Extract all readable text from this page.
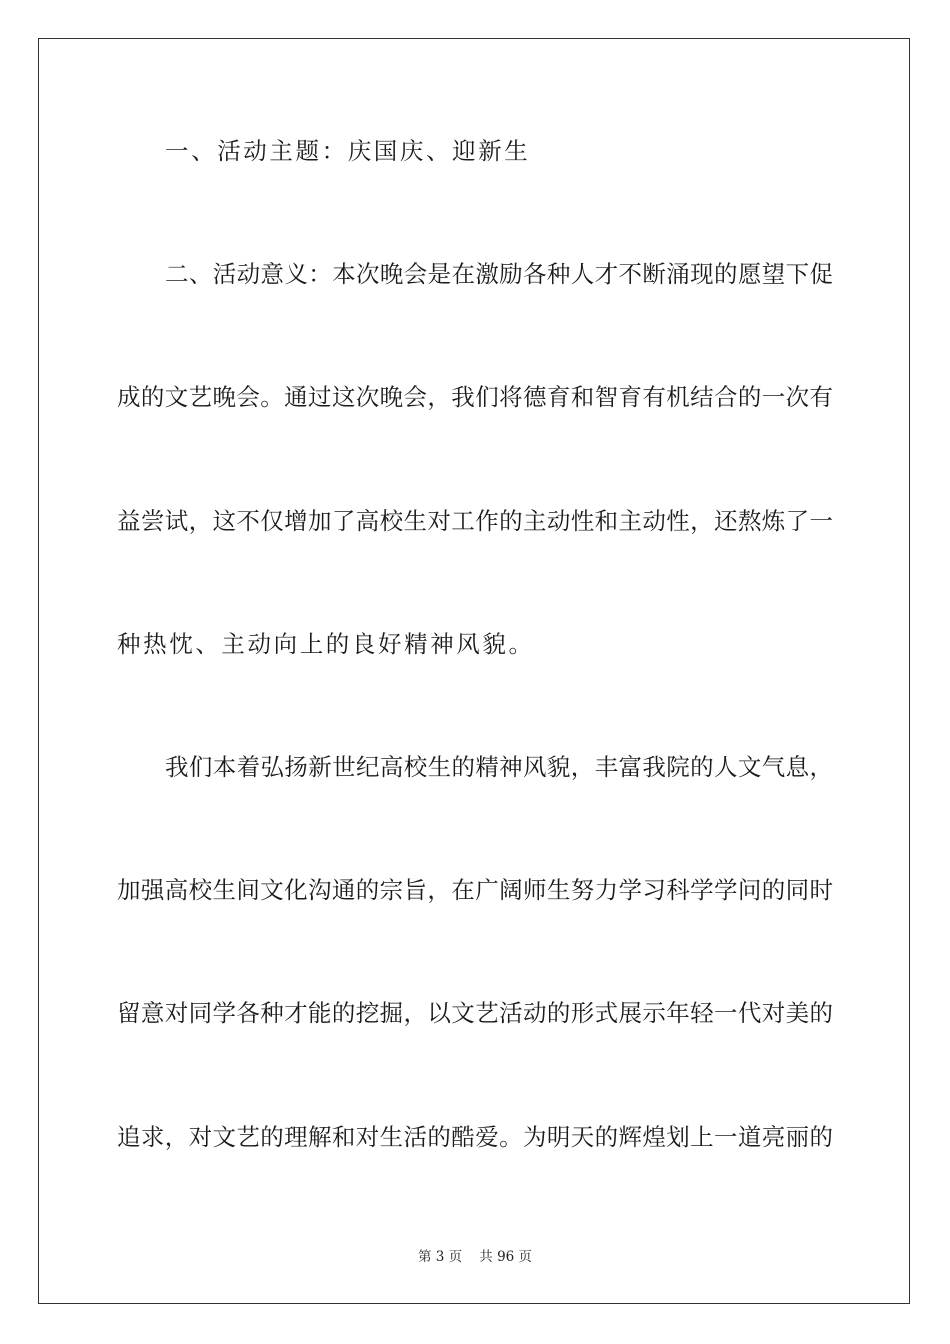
一、活动主题：庆国庆、迎新生
二、活动意义：本次晚会是在激励各种人才不断涌现的愿望下促
成的文艺晚会。通过这次晚会，我们将德育和智育有机结合的一次有
益尝试，这不仅增加了高校生对工作的主动性和主动性，还熬炼了一
种热忱、主动向上的良好精神风貌。
我们本着弘扬新世纪高校生的精神风貌，丰富我院的人文气息，
加强高校生间文化沟通的宗旨，在广阔师生努力学习科学学问的同时
留意对同学各种才能的挖掘，以文艺活动的形式展示年轻一代对美的
追求，对文艺的理解和对生活的酷爱。为明天的辉煌划上一道亮丽的
第 3 页 共 96 页
